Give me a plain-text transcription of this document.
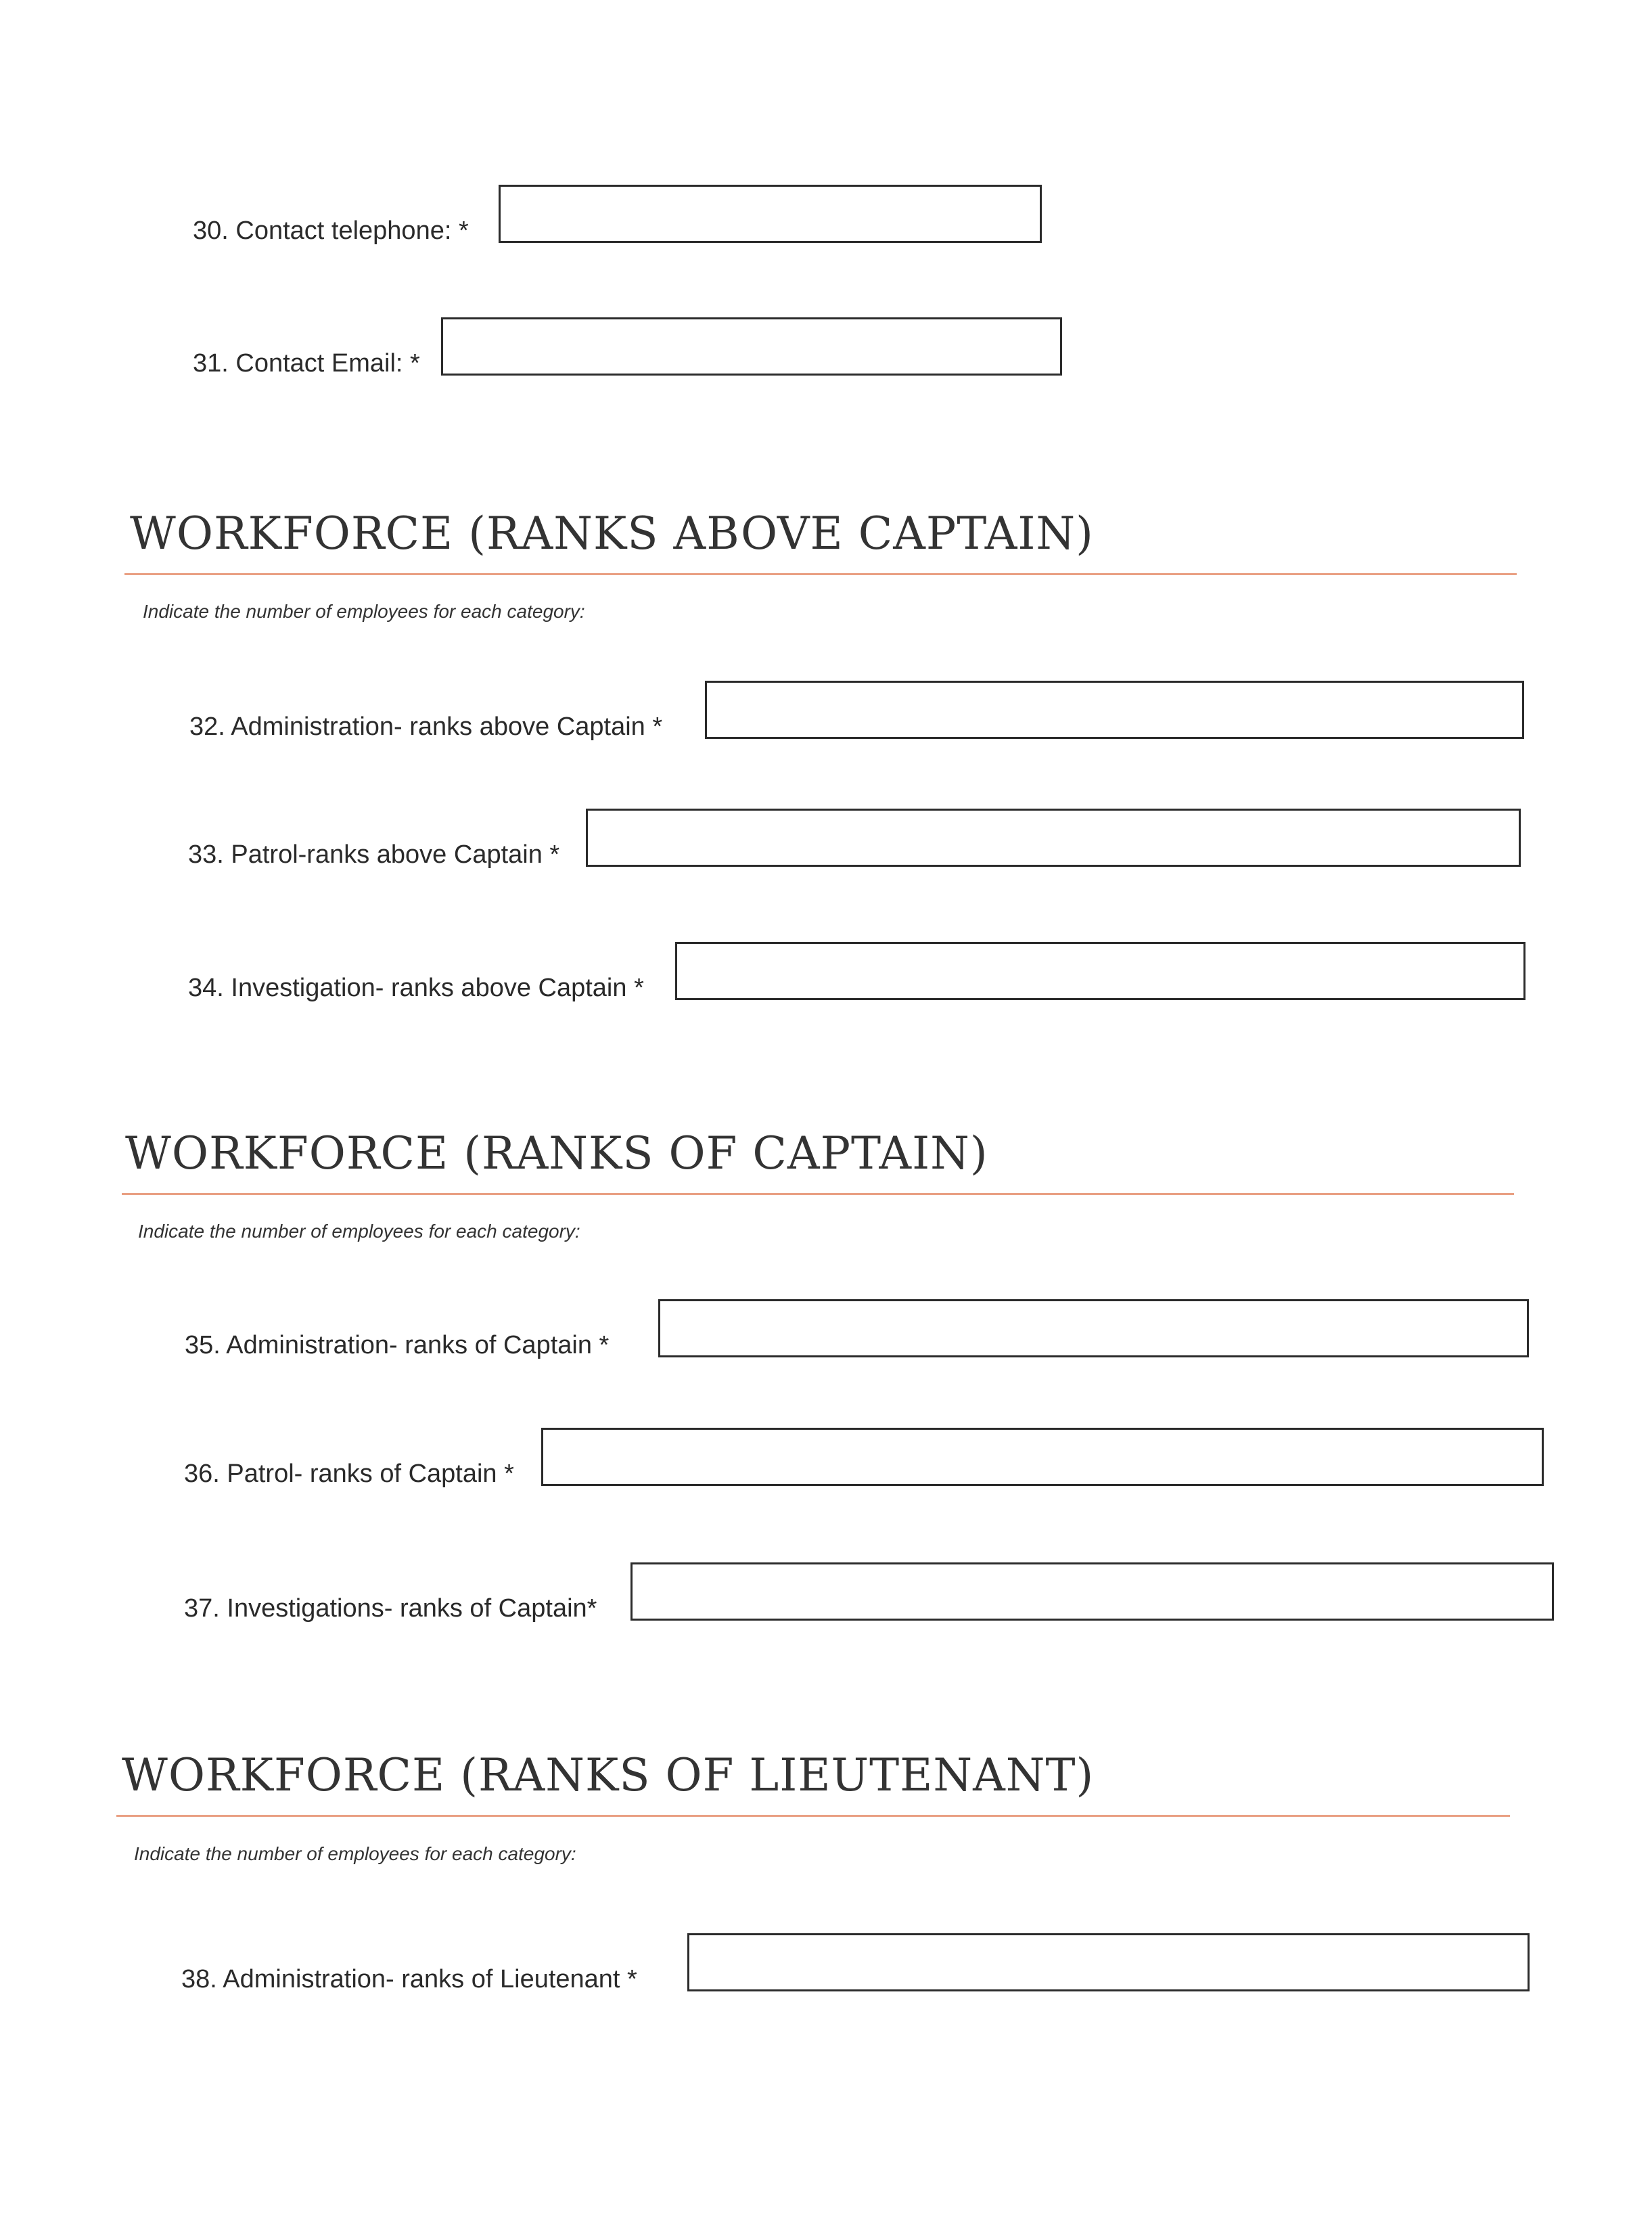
30. Contact telephone: *
31. Contact Email: *
WORKFORCE (RANKS ABOVE CAPTAIN)
Indicate the number of employees for each category:
32. Administration- ranks above Captain *
33. Patrol-ranks above Captain *
34. Investigation- ranks above Captain *
WORKFORCE (RANKS OF CAPTAIN)
Indicate the number of employees for each category:
35. Administration- ranks of Captain *
36. Patrol- ranks of Captain *
37. Investigations- ranks of Captain*
WORKFORCE (RANKS OF LIEUTENANT)
Indicate the number of employees for each category:
38. Administration- ranks of Lieutenant *
